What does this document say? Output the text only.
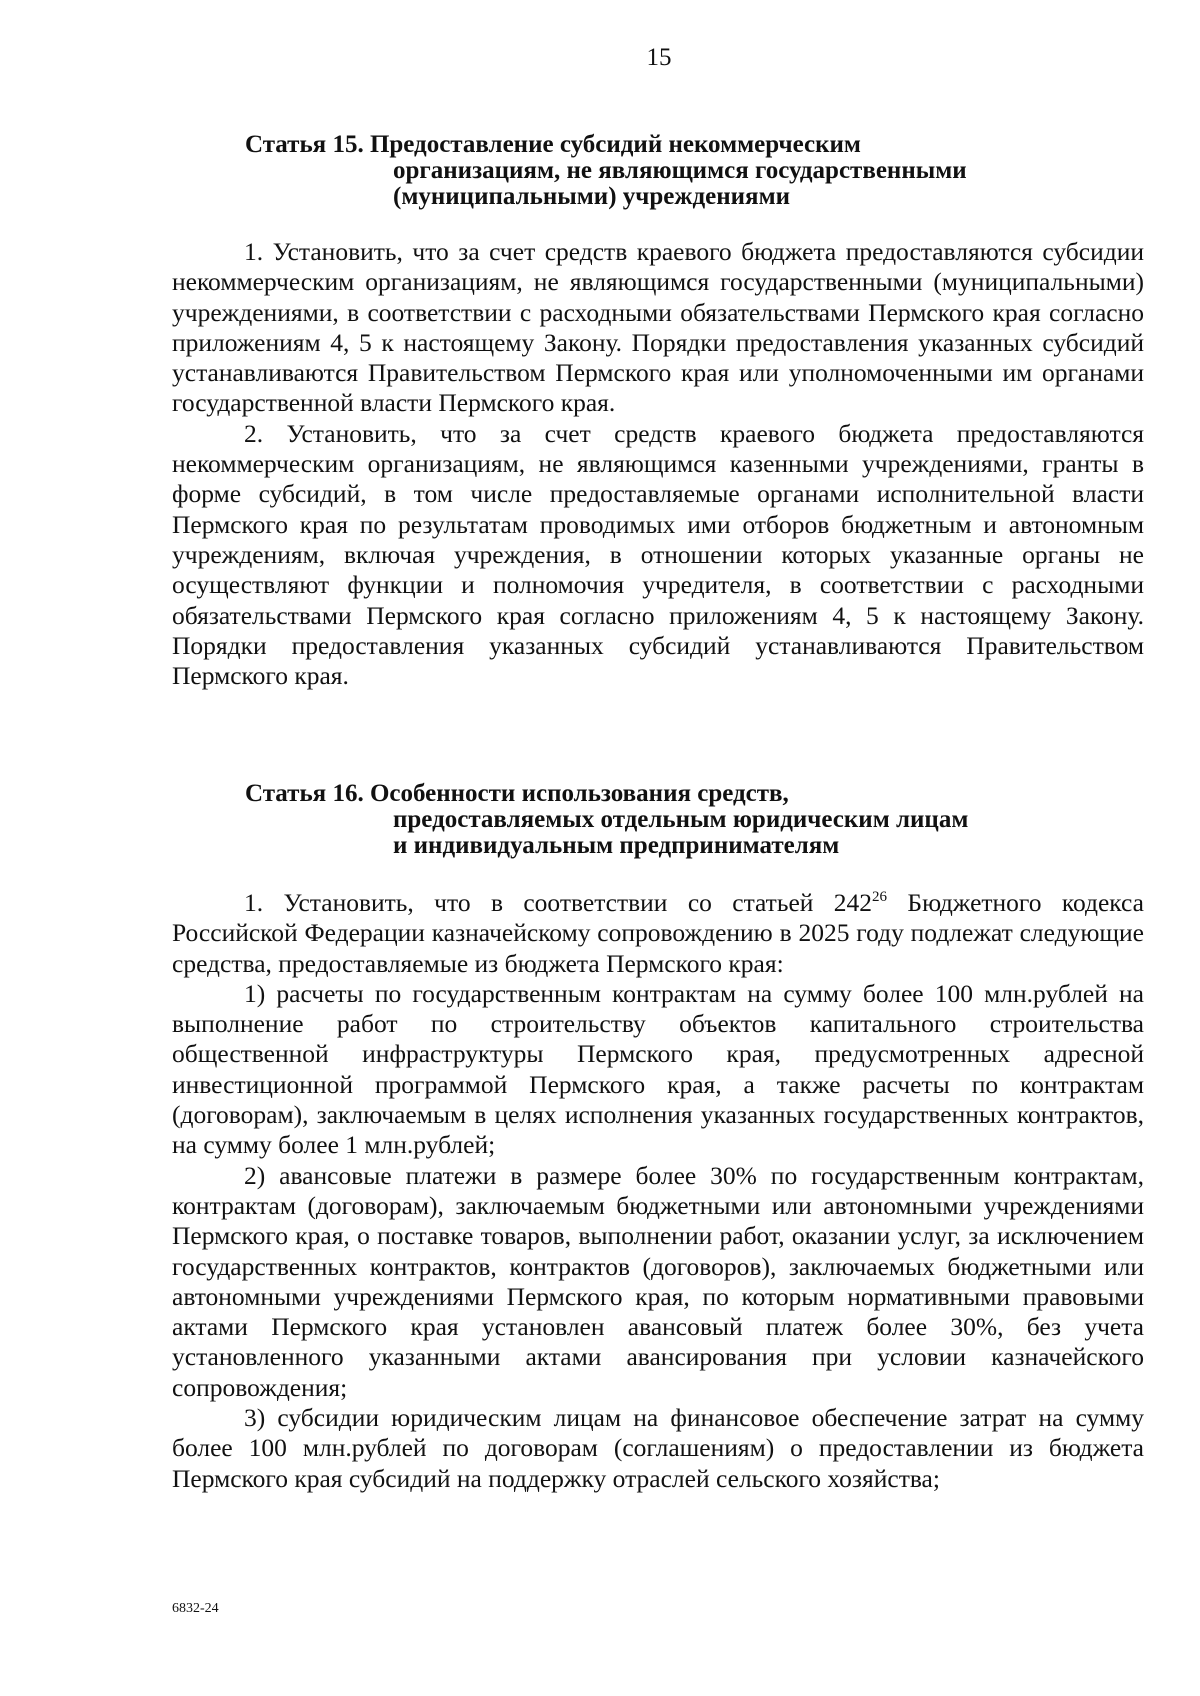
15
Статья 15. Предоставление субсидий некоммерческим
организациям, не являющимся государственными
(муниципальными) учреждениями

1. Установить, что за счет средств краевого бюджета предоставляются субсидии некоммерческим организациям, не являющимся государственными (муниципальными) учреждениями, в соответствии с расходными обязательствами Пермского края согласно приложениям 4, 5 к настоящему Закону. Порядки предоставления указанных субсидий устанавливаются Правительством Пермского края или уполномоченными им органами государственной власти Пермского края.

2. Установить, что за счет средств краевого бюджета предоставляются некоммерческим организациям, не являющимся казенными учреждениями, гранты в форме субсидий, в том числе предоставляемые органами исполнительной власти Пермского края по результатам проводимых ими отборов бюджетным и автономным учреждениям, включая учреждения, в отношении которых указанные органы не осуществляют функции и полномочия учредителя, в соответствии с расходными обязательствами Пермского края согласно приложениям 4, 5 к настоящему Закону. Порядки предоставления указанных субсидий устанавливаются Правительством Пермского края.

Статья 16. Особенности использования средств,
предоставляемых отдельным юридическим лицам
и индивидуальным предпринимателям

1. Установить, что в соответствии со статьей $242^{26}$ Бюджетного кодекса Российской Федерации казначейскому сопровождению в 2025 году подлежат следующие средства, предоставляемые из бюджета Пермского края:

1) расчеты по государственным контрактам на сумму более 100 млн.рублей на выполнение работ по строительству объектов капитального строительства общественной инфраструктуры Пермского края, предусмотренных адресной инвестиционной программой Пермского края, а также расчеты по контрактам (договорам), заключаемым в целях исполнения указанных государственных контрактов, на сумму более 1 млн.рублей;

2) авансовые платежи в размере более 30% по государственным контрактам, контрактам (договорам), заключаемым бюджетными или автономными учреждениями Пермского края, о поставке товаров, выполнении работ, оказании услуг, за исключением государственных контрактов, контрактов (договоров), заключаемых бюджетными или автономными учреждениями Пермского края, по которым нормативными правовыми актами Пермского края установлен авансовый платеж более 30%, без учета установленного указанными актами авансирования при условии казначейского сопровождения;

3) субсидии юридическим лицам на финансовое обеспечение затрат на сумму более 100 млн.рублей по договорам (соглашениям) о предоставлении из бюджета Пермского края субсидий на поддержку отраслей сельского хозяйства;

6832-24
